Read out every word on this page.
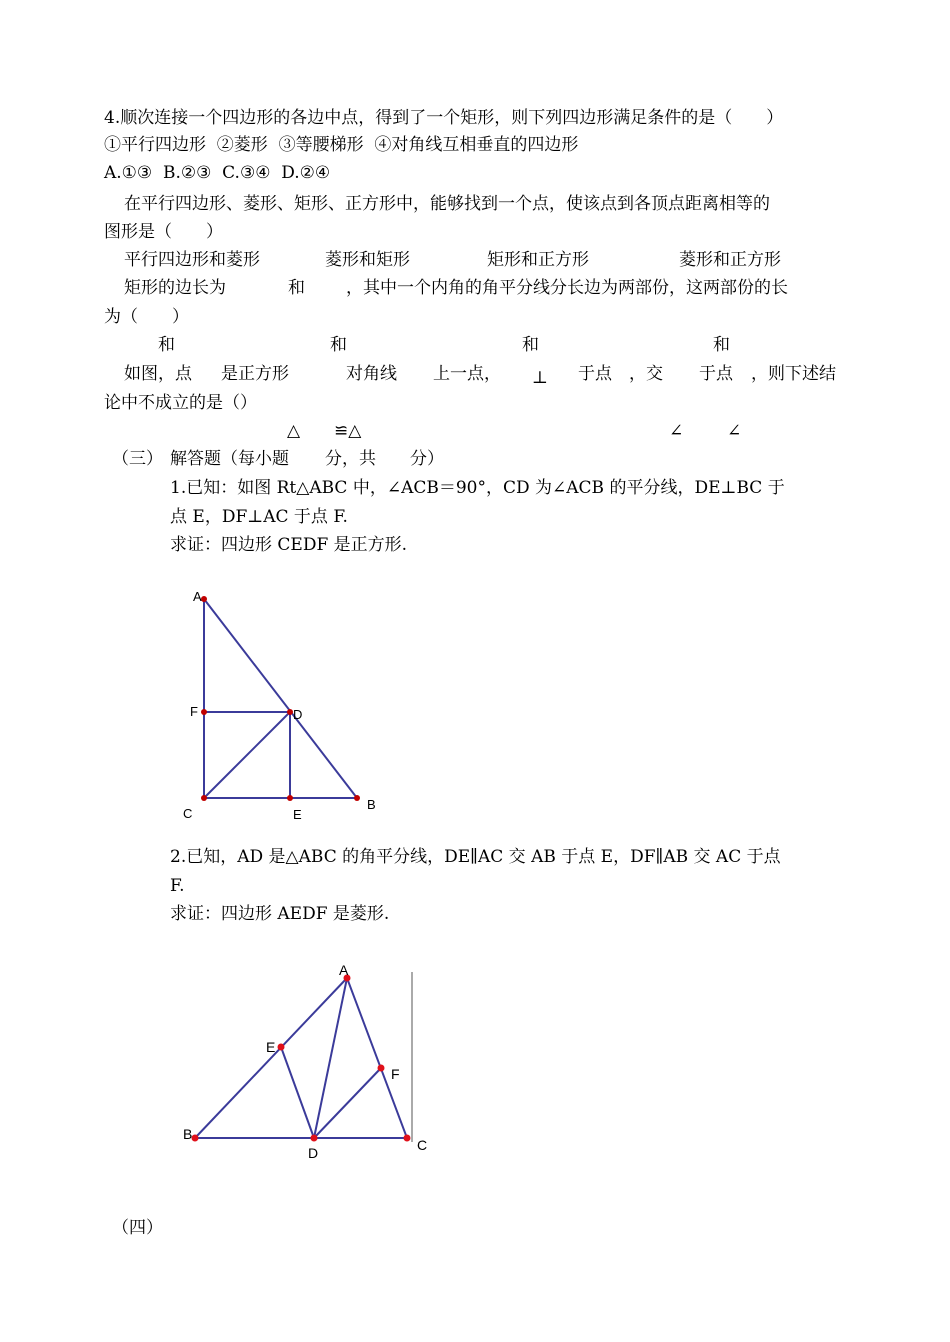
4.顺次连接一个四边形的各边中点，得到了一个矩形，则下列四边形满足条件的是（　　）
①平行四边形  ②菱形  ③等腰梯形  ④对角线互相垂直的四边形
A.①③  B.②③  C.③④  D.②④
在平行四边形、菱形、矩形、正方形中，能够找到一个点，使该点到各顶点距离相等的
图形是（　　）
平行四边形和菱形	菱形和矩形	矩形和正方形	菱形和正方形
矩形的边长为	和 ，其中一个内角的角平分线分长边为两部份，这两部份的长
为（　　）
和	和	和	和
如图，点 是正方形	对角线 上一点， ⊥ 于点 ，交 于点 ，则下述结
论中不成立的是（）
△ ≌△	∠	∠
（三） 解答题（每小题 分，共 分）
1.已知：如图 Rt△ABC 中，∠ACB＝90°，CD 为∠ACB 的平分线，DE⊥BC 于
点 E，DF⊥AC 于点 F.
求证：四边形 CEDF 是正方形.
A
F	D
C	E
B
2.已知，AD 是△ABC 的角平分线，DE∥AC 交 AB 于点 E，DF∥AB 交 AC 于点
F.
求证：四边形 AEDF 是菱形.
A
E
F
B
D	C
（四）
